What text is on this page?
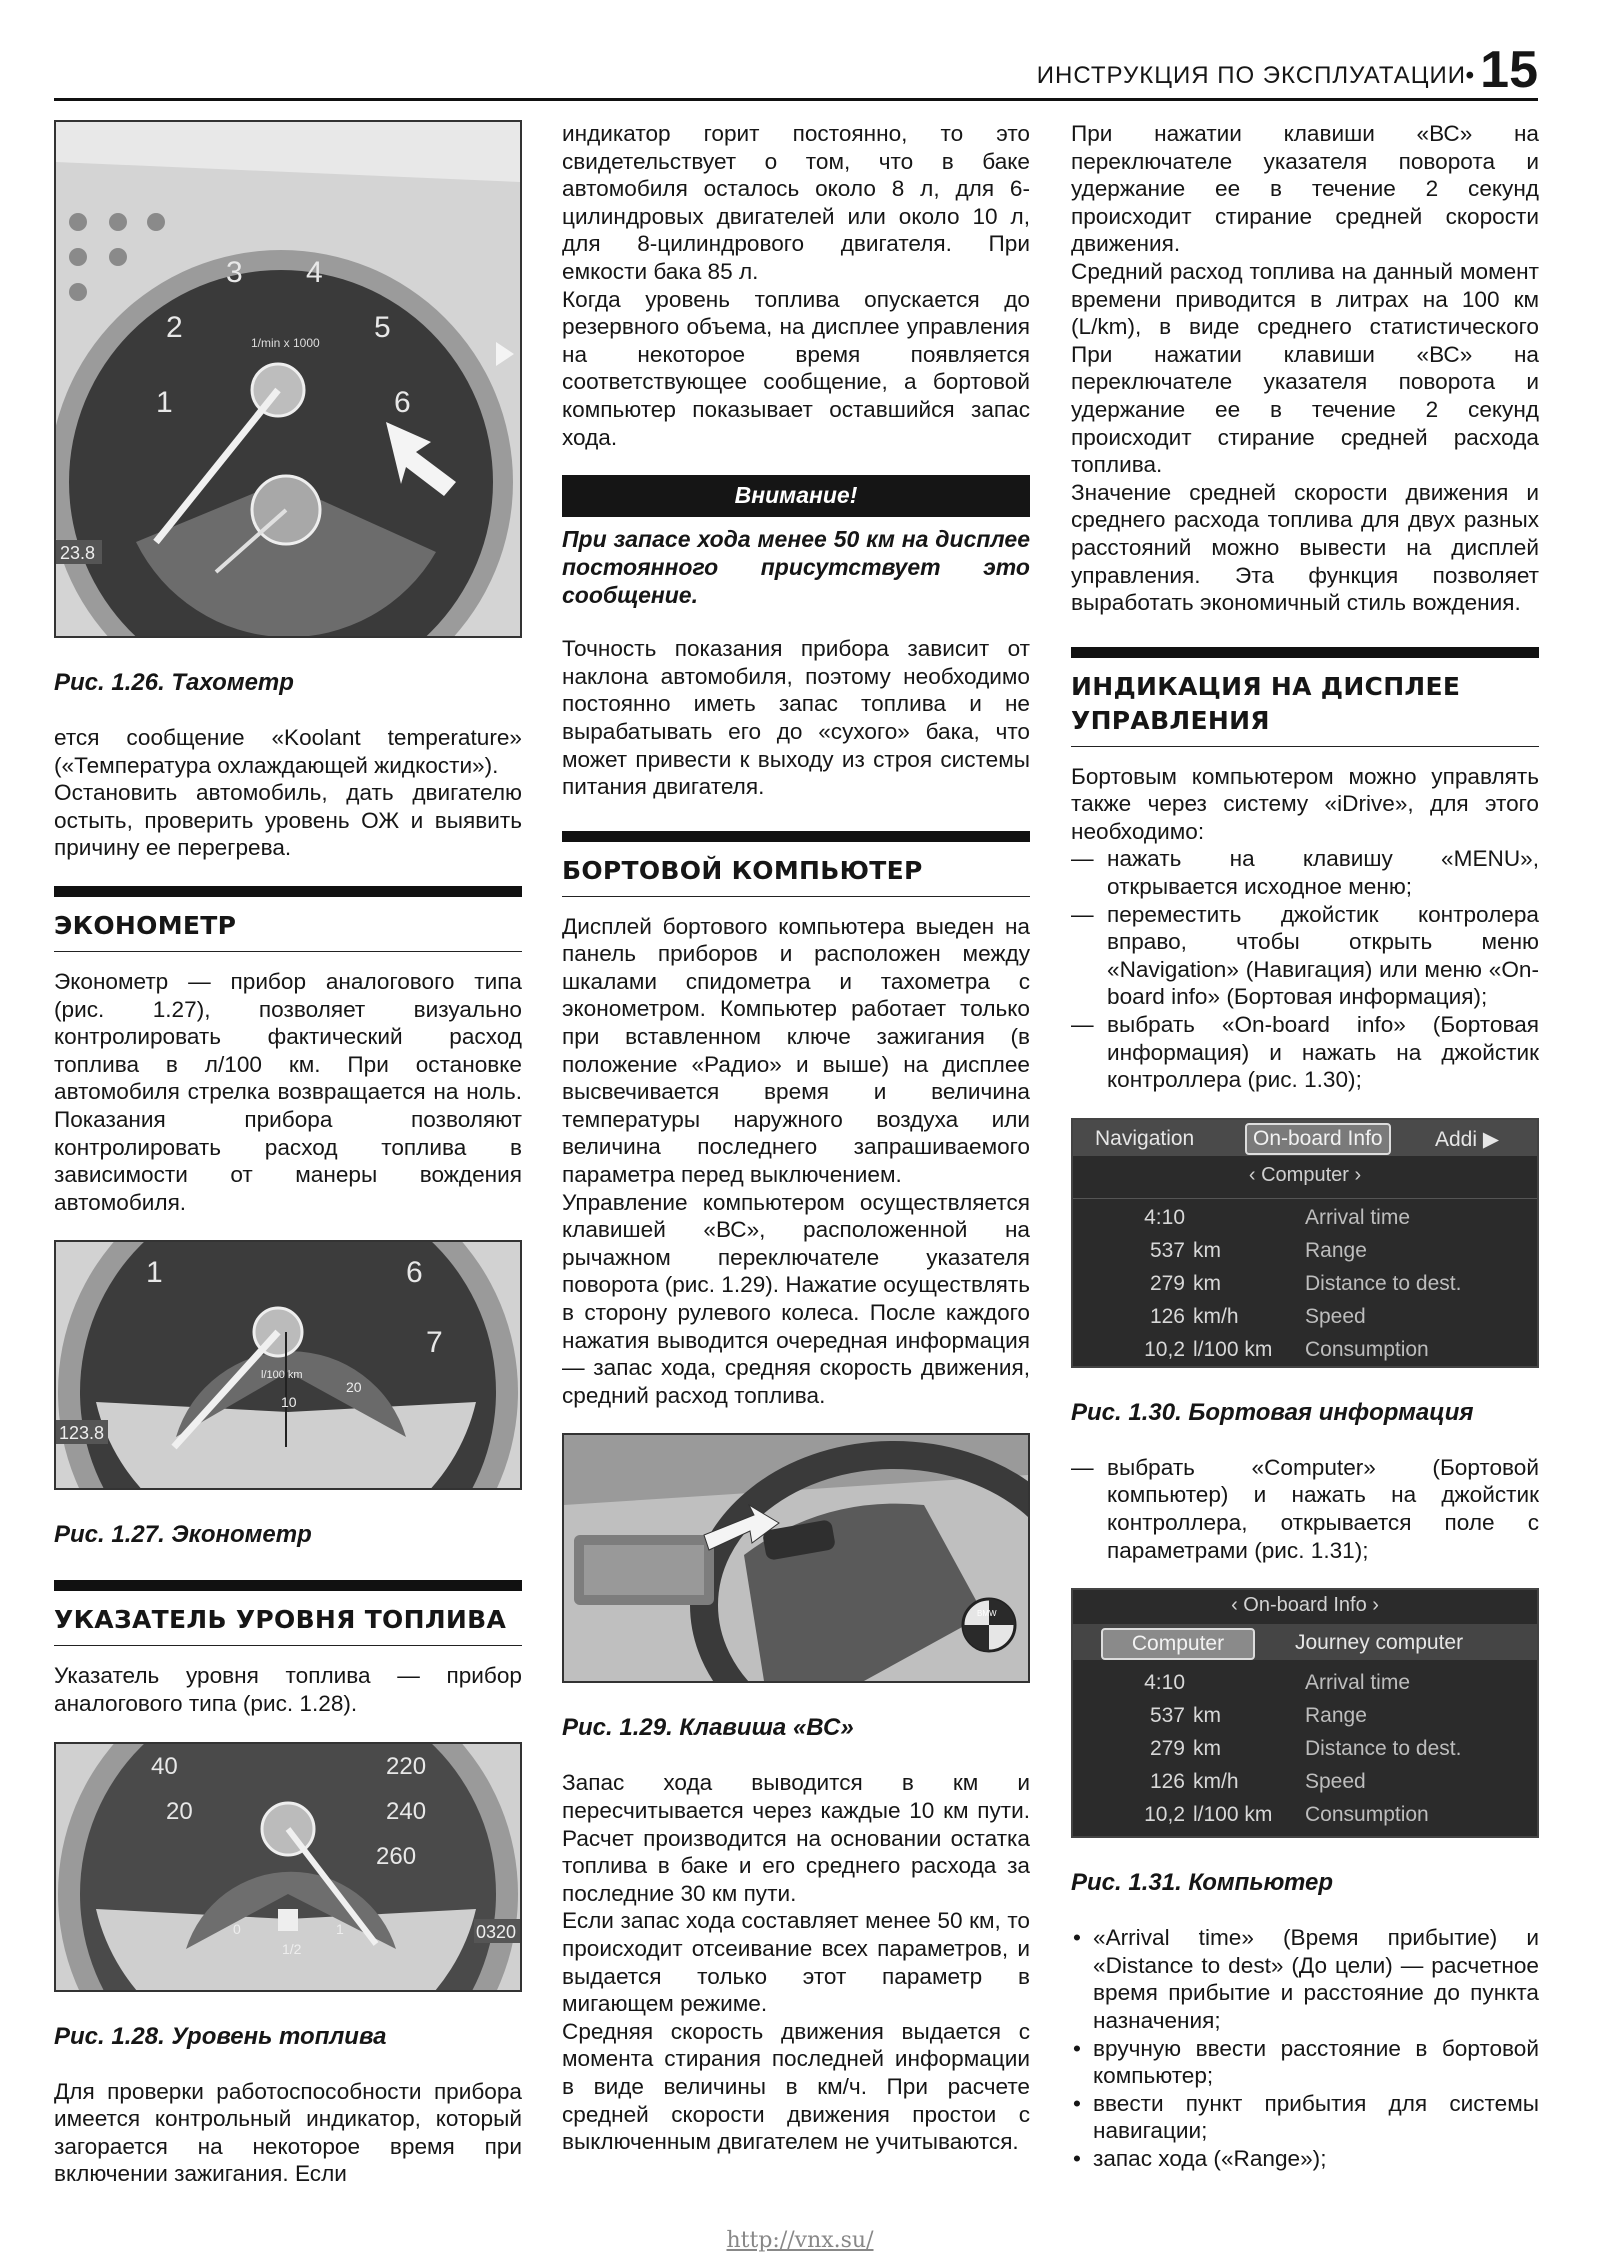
ИНСТРУКЦИЯ ПО ЭКСПЛУАТАЦИИ • 15
1
2
3 4
5
6
1/min x 1000
23.8
Рис. 1.26. Тахометр

ется сообщение «Koolant temperature» («Температура охлаждающей жидкости»).

Остановить автомобиль, дать двигателю остыть, проверить уровень ОЖ и выявить причину ее перегрева.

ЭКОНОМЕТР

Эконометр — прибор аналогового типа (рис. 1.27), позволяет визуально контролировать фактический расход топлива в л/100 км. При остановке автомобиля стрелка возвращается на ноль. Показания прибора позволяют контролировать расход топлива в зависимости от манеры вождения автомобиля.

1	6
7
10
20
l/100 km
123.8
Рис. 1.27. Эконометр
УКАЗАТЕЛЬ УРОВНЯ ТОПЛИВА

Указатель уровня топлива — прибор аналогового типа (рис. 1.28).

40
20
220
240
260
0
1/2
1	0320
Рис. 1.28. Уровень топлива

Для проверки работоспособности прибора имеется контрольный индикатор, который загорается на некоторое время при включении зажигания. Если

индикатор горит постоянно, то это свидетельствует о том, что в баке автомобиля осталось около 8 л, для 6-цилиндровых двигателей или около 10 л, для 8-цилиндрового двигателя. При емкости бака 85 л.

Когда уровень топлива опускается до резервного объема, на дисплее управления на некоторое время появляется соответствующее сообщение, а бортовой компьютер показывает оставшийся запас хода.

Внимание!
При запасе хода менее 50 км на дисплее постоянного присутствует это сообщение.

Точность показания прибора зависит от наклона автомобиля, поэтому необходимо постоянно иметь запас топлива и не вырабатывать его до «сухого» бака, что может привести к выходу из строя системы питания двигателя.

БОРТОВОЙ КОМПЬЮТЕР

Дисплей бортового компьютера выеден на панель приборов и расположен между шкалами спидометра и тахометра с эконометром. Компьютер работает только при вставленном ключе зажигания (в положение «Радио» и выше) на дисплее высвечивается время и величина температуры наружного воздуха или величина последнего запрашиваемого параметра перед выключением.

Управление компьютером осуществляется клавишей «ВС», расположенной на рычажном переключателе указателя поворота (рис. 1.29). Нажатие осуществлять в сторону рулевого колеса. После каждого нажатия выводится очередная информация — запас хода, средняя скорость движения, средний расход топлива.

BMW
Рис. 1.29. Клавиша «ВС»

Запас хода выводится в км и пересчитывается через каждые 10 км пути. Расчет производится на основании остатка топлива в баке и его среднего расхода за последние 30 км пути.

Если запас хода составляет менее 50 км, то происходит отсеивание всех параметров, и выдается только этот параметр в мигающем режиме.

Средняя скорость движения выдается с момента стирания последней информации в виде величины в км/ч. При расчете средней скорости движения простои с выключенным двигателем не учитываются.

При нажатии клавиши «ВС» на переключателе указателя поворота и удержание ее в течение 2 секунд происходит стирание средней скорости движения.

Средний расход топлива на данный момент времени приводится в литрах на 100 км (L/km), в виде среднего статистического При нажатии клавиши «ВС» на переключателе указателя поворота и удержание ее в течение 2 секунд происходит стирание средней расхода топлива.

Значение средней скорости движения и среднего расхода топлива для двух разных расстояний можно вывести на дисплей управления. Эта функция позволяет выработать экономичный стиль вождения.

ИНДИКАЦИЯ НА ДИСПЛЕЕ УПРАВЛЕНИЯ

Бортовым компьютером можно управлять также через систему «iDrive», для этого необходимо:

— нажать на клавишу «MENU», открывается исходное меню;
— переместить джойстик контролера вправо, чтобы открыть меню «Navigation» (Навигация) или меню «On-board info» (Бортовая информация);
— выбрать «On-board info» (Бортовая информация) и нажать на джойстик контроллера (рис. 1.30);
Navigation	On-board Info	Addi ▶
‹ Computer ›
4:10	Arrival time
537 km	Range
279 km	Distance to dest.
126 km/h	Speed
10,2 l/100 km Consumption
Рис. 1.30. Бортовая информация
— выбрать «Computer» (Бортовой компьютер) и нажать на джойстик контроллера, открывается поле с параметрами (рис. 1.31);
‹ On-board Info ›
Computer	Journey computer
4:10	Arrival time
537 km	Range
279 km	Distance to dest.
126 km/h	Speed
10,2 l/100 km Consumption
Рис. 1.31. Компьютер
• «Arrival time» (Время прибытие) и «Distance to dest» (До цели) — расчетное время прибытие и расстояние до пункта назначения;
• вручную ввести расстояние в бортовой компьютер;
• ввести пункт прибытия для системы навигации;
• запас хода («Range»);
http://vnx.su/
